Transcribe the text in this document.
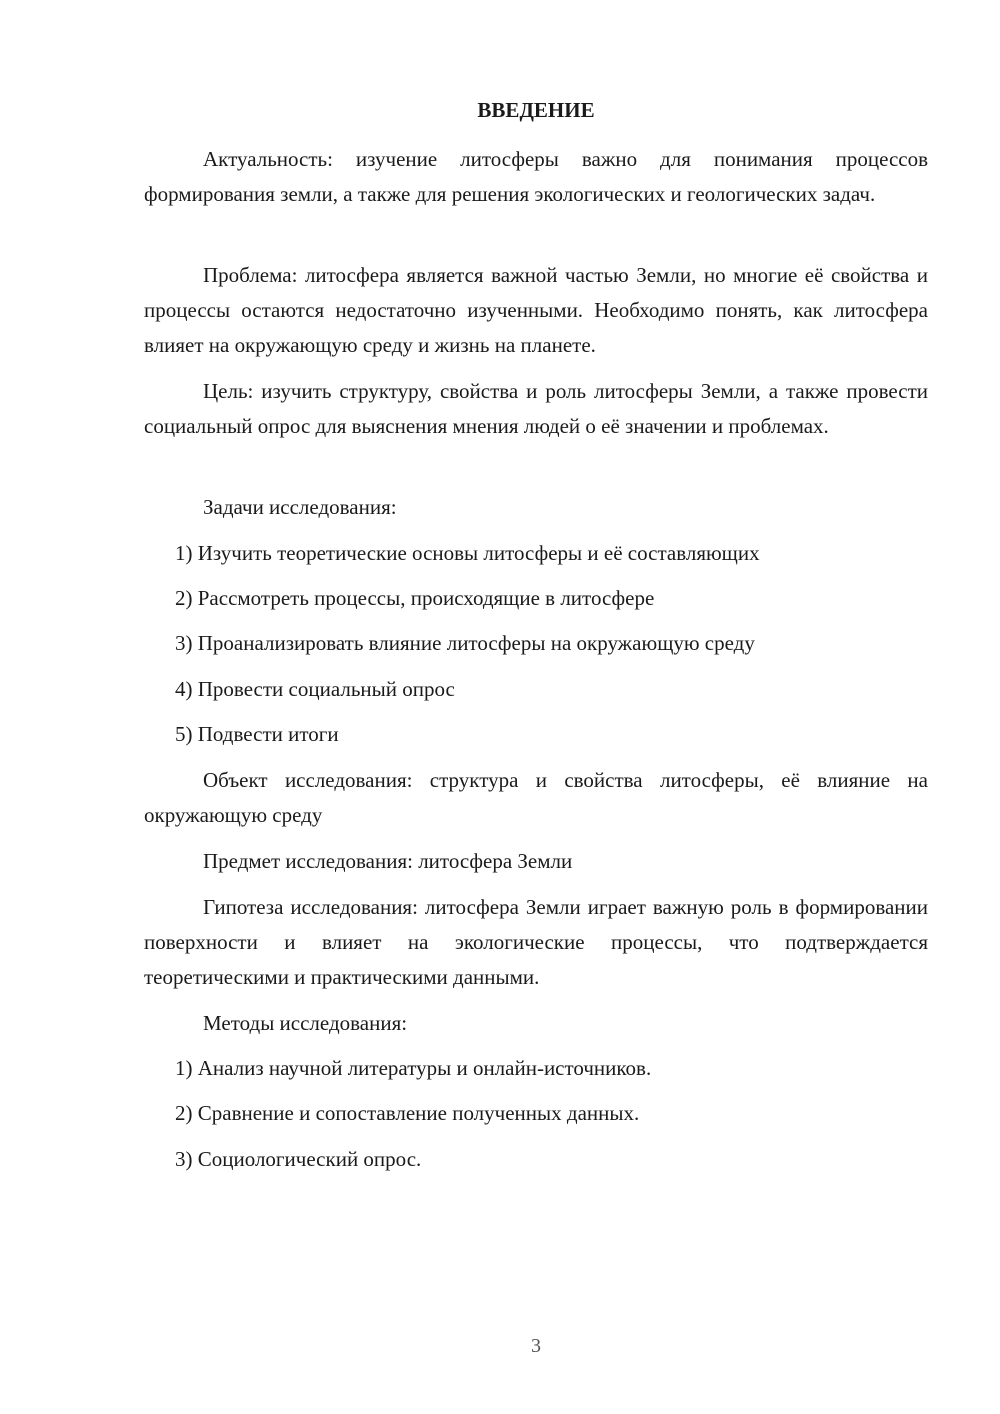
ВВЕДЕНИЕ

Актуальность: изучение литосферы важно для понимания процессов формирования земли, а также для решения экологических и геологических задач.

Проблема: литосфера является важной частью Земли, но многие её свойства и процессы остаются недостаточно изученными. Необходимо понять, как литосфера влияет на окружающую среду и жизнь на планете.

Цель: изучить структуру, свойства и роль литосферы Земли, а также провести социальный опрос для выяснения мнения людей о её значении и проблемах.

Задачи исследования:

1) Изучить теоретические основы литосферы и её составляющих

2) Рассмотреть процессы, происходящие в литосфере

3) Проанализировать влияние литосферы на окружающую среду

4) Провести социальный опрос

5) Подвести итоги

Объект исследования: структура и свойства литосферы, её влияние на окружающую среду

Предмет исследования: литосфера Земли

Гипотеза исследования: литосфера Земли играет важную роль в формировании поверхности и влияет на экологические процессы, что подтверждается теоретическими и практическими данными.

Методы исследования:

1) Анализ научной литературы и онлайн-источников.

2) Сравнение и сопоставление полученных данных.

3) Социологический опрос.

3
